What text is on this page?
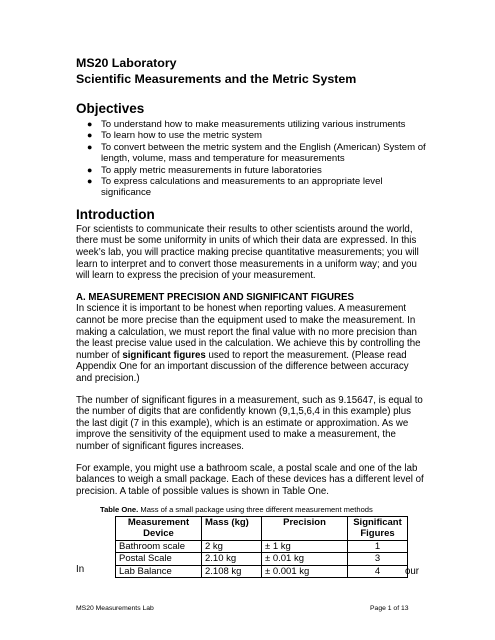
MS20 Laboratory
Scientific Measurements and the Metric System
Objectives
● To understand how to make measurements utilizing various instruments
● To learn how to use the metric system
● To convert between the metric system and the English (American) System of length, volume, mass and temperature for measurements
● To apply metric measurements in future laboratories
● To express calculations and measurements to an appropriate level significance
Introduction

For scientists to communicate their results to other scientists around the world, there must be some uniformity in units of which their data are expressed. In this week’s lab, you will practice making precise quantitative measurements; you will learn to interpret and to convert those measurements in a uniform way; and you will learn to express the precision of your measurement.

A. MEASUREMENT PRECISION AND SIGNIFICANT FIGURES

In science it is important to be honest when reporting values. A measurement cannot be more precise than the equipment used to make the measurement. In making a calculation, we must report the final value with no more precision than the least precise value used in the calculation. We achieve this by controlling the number of significant figures used to report the measurement. (Please read Appendix One for an important discussion of the difference between accuracy and precision.)

The number of significant figures in a measurement, such as 9.15647, is equal to the number of digits that are confidently known (9,1,5,6,4 in this example) plus the last digit (7 in this example), which is an estimate or approximation. As we improve the sensitivity of the equipment used to make a measurement, the number of significant figures increases.

For example, you might use a bathroom scale, a postal scale and one of the lab balances to weigh a small package. Each of these devices has a different level of precision. A table of possible values is shown in Table One.

Table One. Mass of a small package using three different measurement methods
Measurement Device	Mass (kg)	Precision	Significant Figures
Bathroom scale	2 kg	± 1 kg	1
Postal Scale	2.10 kg	± 0.01 kg	3
Lab Balance	2.108 kg	± 0.001 kg	4
In	our
MS20 Measurements Lab	Page 1 of 13
